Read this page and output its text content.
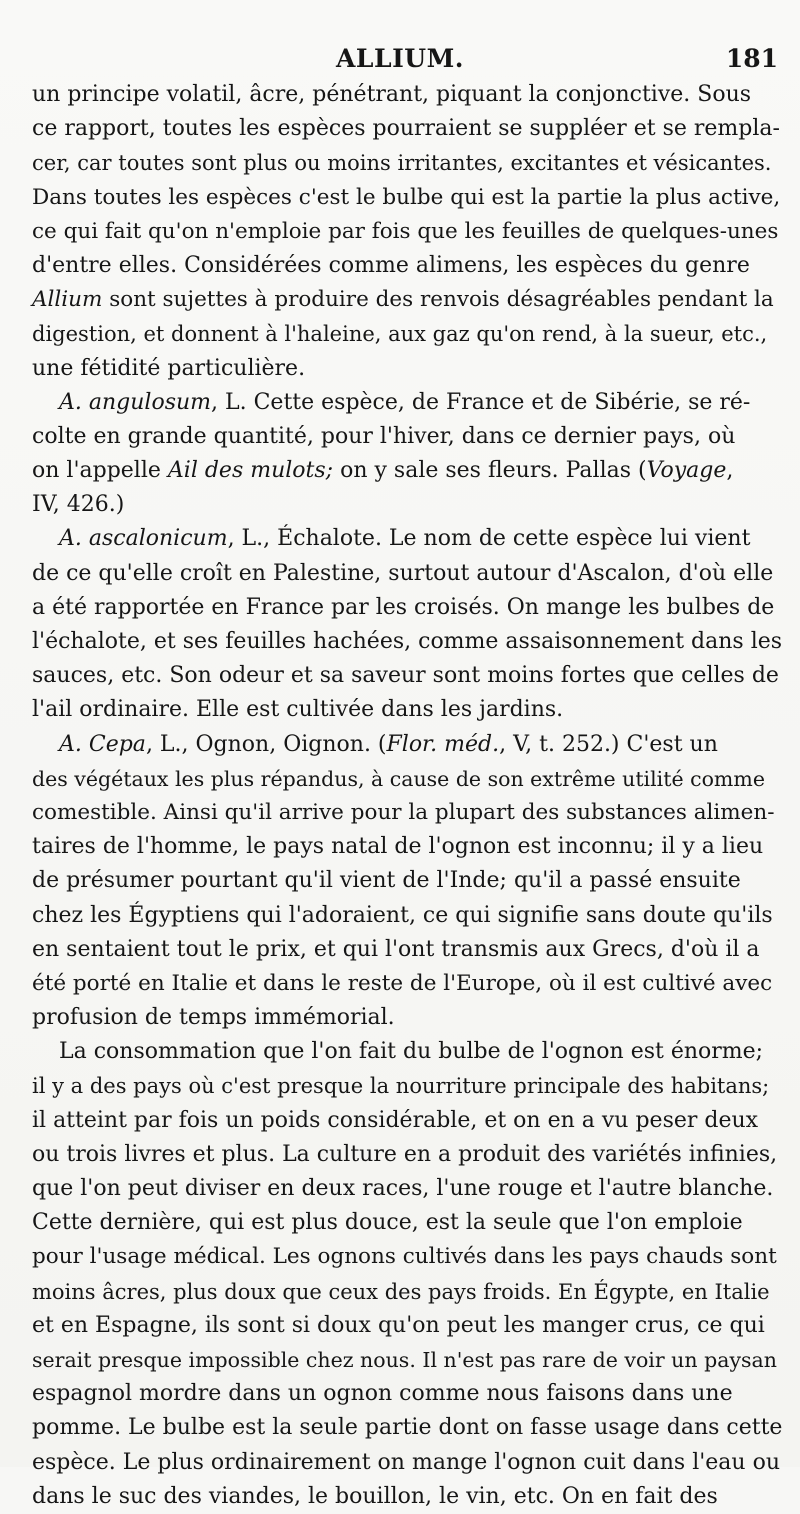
ALLIUM.	181
un principe volatil, âcre, pénétrant, piquant la conjonctive. Sous
ce rapport, toutes les espèces pourraient se suppléer et se rempla-
cer, car toutes sont plus ou moins irritantes, excitantes et vésicantes.
Dans toutes les espèces c'est le bulbe qui est la partie la plus active,
ce qui fait qu'on n'emploie par fois que les feuilles de quelques-unes
d'entre elles. Considérées comme alimens, les espèces du genre
Allium sont sujettes à produire des renvois désagréables pendant la
digestion, et donnent à l'haleine, aux gaz qu'on rend, à la sueur, etc.,
une fétidité particulière.
A. angulosum, L. Cette espèce, de France et de Sibérie, se ré-
colte en grande quantité, pour l'hiver, dans ce dernier pays, où
on l'appelle Ail des mulots; on y sale ses fleurs. Pallas (Voyage,
IV, 426.)
A. ascalonicum, L., Échalote. Le nom de cette espèce lui vient
de ce qu'elle croît en Palestine, surtout autour d'Ascalon, d'où elle
a été rapportée en France par les croisés. On mange les bulbes de
l'échalote, et ses feuilles hachées, comme assaisonnement dans les
sauces, etc. Son odeur et sa saveur sont moins fortes que celles de
l'ail ordinaire. Elle est cultivée dans les jardins.
A. Cepa, L., Ognon, Oignon. (Flor. méd., V, t. 252.) C'est un
des végétaux les plus répandus, à cause de son extrême utilité comme
comestible. Ainsi qu'il arrive pour la plupart des substances alimen-
taires de l'homme, le pays natal de l'ognon est inconnu; il y a lieu
de présumer pourtant qu'il vient de l'Inde; qu'il a passé ensuite
chez les Égyptiens qui l'adoraient, ce qui signifie sans doute qu'ils
en sentaient tout le prix, et qui l'ont transmis aux Grecs, d'où il a
été porté en Italie et dans le reste de l'Europe, où il est cultivé avec
profusion de temps immémorial.
La consommation que l'on fait du bulbe de l'ognon est énorme;
il y a des pays où c'est presque la nourriture principale des habitans;
il atteint par fois un poids considérable, et on en a vu peser deux
ou trois livres et plus. La culture en a produit des variétés infinies,
que l'on peut diviser en deux races, l'une rouge et l'autre blanche.
Cette dernière, qui est plus douce, est la seule que l'on emploie
pour l'usage médical. Les ognons cultivés dans les pays chauds sont
moins âcres, plus doux que ceux des pays froids. En Égypte, en Italie
et en Espagne, ils sont si doux qu'on peut les manger crus, ce qui
serait presque impossible chez nous. Il n'est pas rare de voir un paysan
espagnol mordre dans un ognon comme nous faisons dans une
pomme. Le bulbe est la seule partie dont on fasse usage dans cette
espèce. Le plus ordinairement on mange l'ognon cuit dans l'eau ou
dans le suc des viandes, le bouillon, le vin, etc. On en fait des
